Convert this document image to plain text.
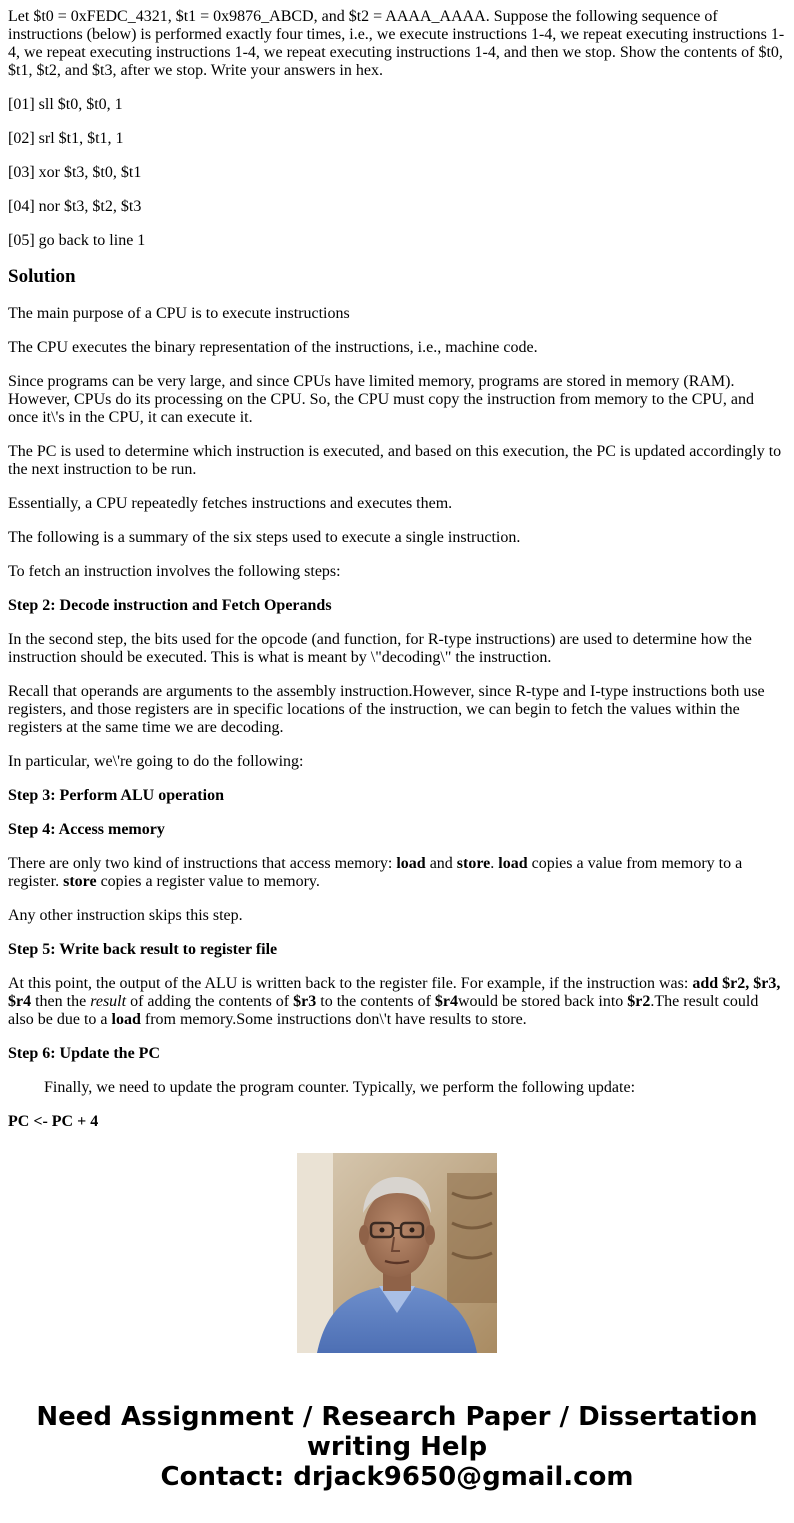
Let $t0 = 0xFEDC_4321, $t1 = 0x9876_ABCD, and $t2 = AAAA_AAAA. Suppose the following sequence of instructions (below) is performed exactly four times, i.e., we execute instructions 1-4, we repeat executing instructions 1-4, we repeat executing instructions 1-4, we repeat executing instructions 1-4, and then we stop. Show the contents of $t0, $t1, $t2, and $t3, after we stop. Write your answers in hex.

[01] sll $t0, $t0, 1

[02] srl $t1, $t1, 1

[03] xor $t3, $t0, $t1

[04] nor $t3, $t2, $t3

[05] go back to line 1

Solution

The main purpose of a CPU is to execute instructions

The CPU executes the binary representation of the instructions, i.e., machine code.

Since programs can be very large, and since CPUs have limited memory, programs are stored in memory (RAM). However, CPUs do its processing on the CPU. So, the CPU must copy the instruction from memory to the CPU, and once it\'s in the CPU, it can execute it.

The PC is used to determine which instruction is executed, and based on this execution, the PC is updated accordingly to the next instruction to be run.

Essentially, a CPU repeatedly fetches instructions and executes them.

The following is a summary of the six steps used to execute a single instruction.

To fetch an instruction involves the following steps:

Step 2: Decode instruction and Fetch Operands

In the second step, the bits used for the opcode (and function, for R-type instructions) are used to determine how the instruction should be executed. This is what is meant by \"decoding\" the instruction.

Recall that operands are arguments to the assembly instruction.However, since R-type and I-type instructions both use registers, and those registers are in specific locations of the instruction, we can begin to fetch the values within the registers at the same time we are decoding.

In particular, we\'re going to do the following:

Step 3: Perform ALU operation

Step 4: Access memory

There are only two kind of instructions that access memory: load and store. load copies a value from memory to a register. store copies a register value to memory.

Any other instruction skips this step.

Step 5: Write back result to register file

At this point, the output of the ALU is written back to the register file. For example, if the instruction was: add $r2, $r3, $r4 then the result of adding the contents of $r3 to the contents of $r4would be stored back into $r2.The result could also be due to a load from memory.Some instructions don\'t have results to store.

Step 6: Update the PC

Finally, we need to update the program counter. Typically, we perform the following update:

PC <- PC + 4

Need Assignment / Research Paper / Dissertation
writing Help
Contact: drjack9650@gmail.com
